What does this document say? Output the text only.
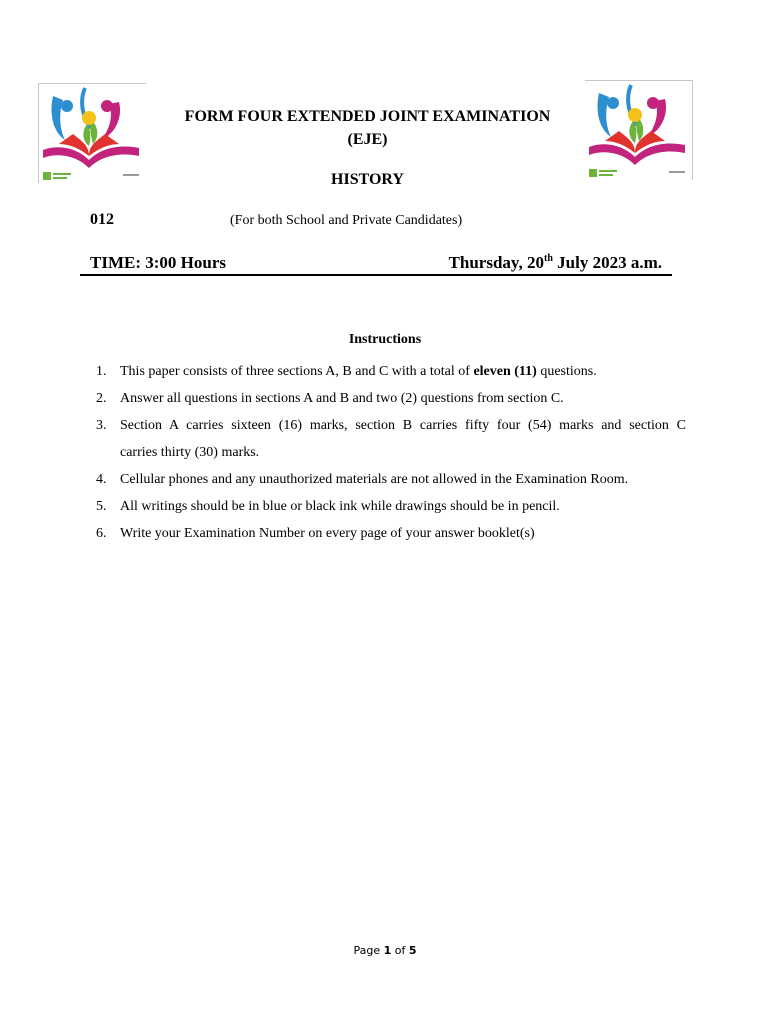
FORM FOUR EXTENDED JOINT EXAMINATION
(EJE)
HISTORY
012	(For both School and Private Candidates)
TIME: 3:00 Hours	Thursday, 20th July 2023 a.m.
Instructions
1. This paper consists of three sections A, B and C with a total of eleven (11) questions.
2. Answer all questions in sections A and B and two (2) questions from section C.
3. Section A carries sixteen (16) marks, section B carries fifty four (54) marks and section C
carries thirty (30) marks.
4. Cellular phones and any unauthorized materials are not allowed in the Examination Room.
5. All writings should be in blue or black ink while drawings should be in pencil.
6. Write your Examination Number on every page of your answer booklet(s)
Page 1 of 5
